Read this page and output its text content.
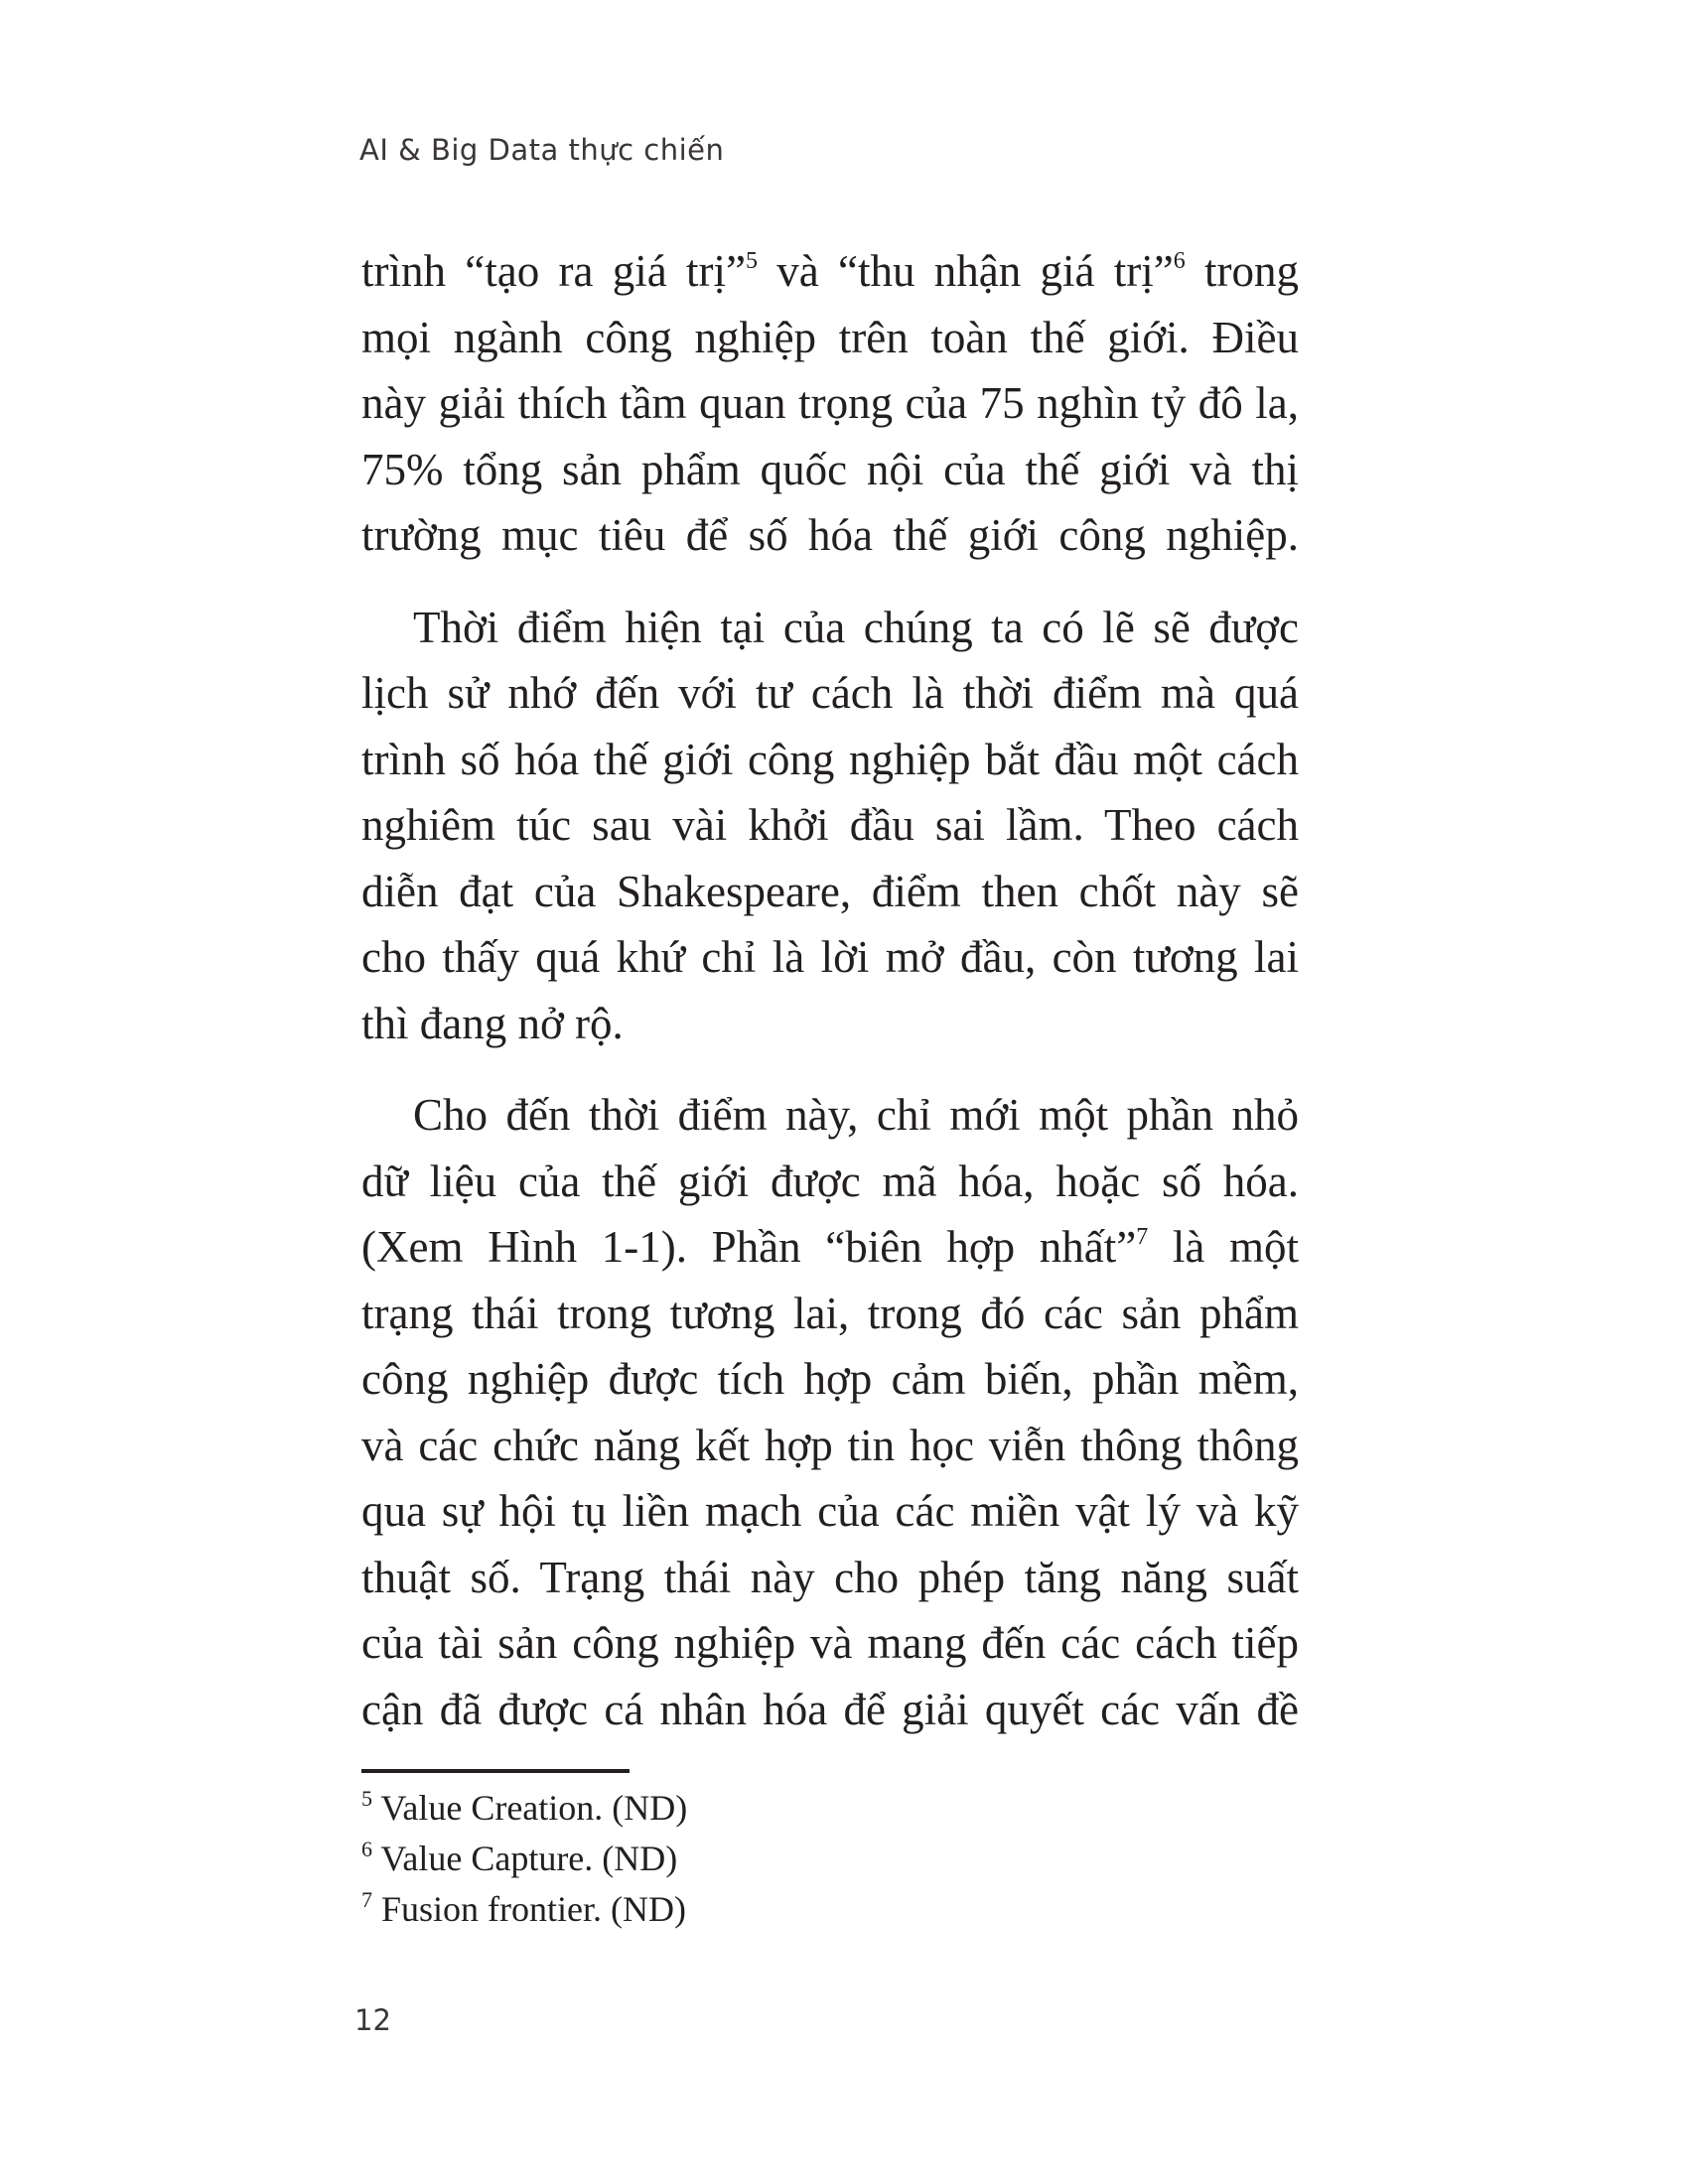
AI & Big Data thực chiến
trình “tạo ra giá trị”$^5$ và “thu nhận giá trị”$^6$ trong
mọi ngành công nghiệp trên toàn thế giới. Điều
này giải thích tầm quan trọng của 75 nghìn tỷ đô la,
75% tổng sản phẩm quốc nội của thế giới và thị
trường mục tiêu để số hóa thế giới công nghiệp.
Thời điểm hiện tại của chúng ta có lẽ sẽ được
lịch sử nhớ đến với tư cách là thời điểm mà quá
trình số hóa thế giới công nghiệp bắt đầu một cách
nghiêm túc sau vài khởi đầu sai lầm. Theo cách
diễn đạt của Shakespeare, điểm then chốt này sẽ
cho thấy quá khứ chỉ là lời mở đầu, còn tương lai
thì đang nở rộ.
Cho đến thời điểm này, chỉ mới một phần nhỏ
dữ liệu của thế giới được mã hóa, hoặc số hóa.
(Xem Hình 1-1). Phần “biên hợp nhất”$^7$ là một
trạng thái trong tương lai, trong đó các sản phẩm
công nghiệp được tích hợp cảm biến, phần mềm,
và các chức năng kết hợp tin học viễn thông thông
qua sự hội tụ liền mạch của các miền vật lý và kỹ
thuật số. Trạng thái này cho phép tăng năng suất
của tài sản công nghiệp và mang đến các cách tiếp
cận đã được cá nhân hóa để giải quyết các vấn đề
$^5$ Value Creation. (ND)
$^6$ Value Capture. (ND)
$^7$ Fusion frontier. (ND)
12
